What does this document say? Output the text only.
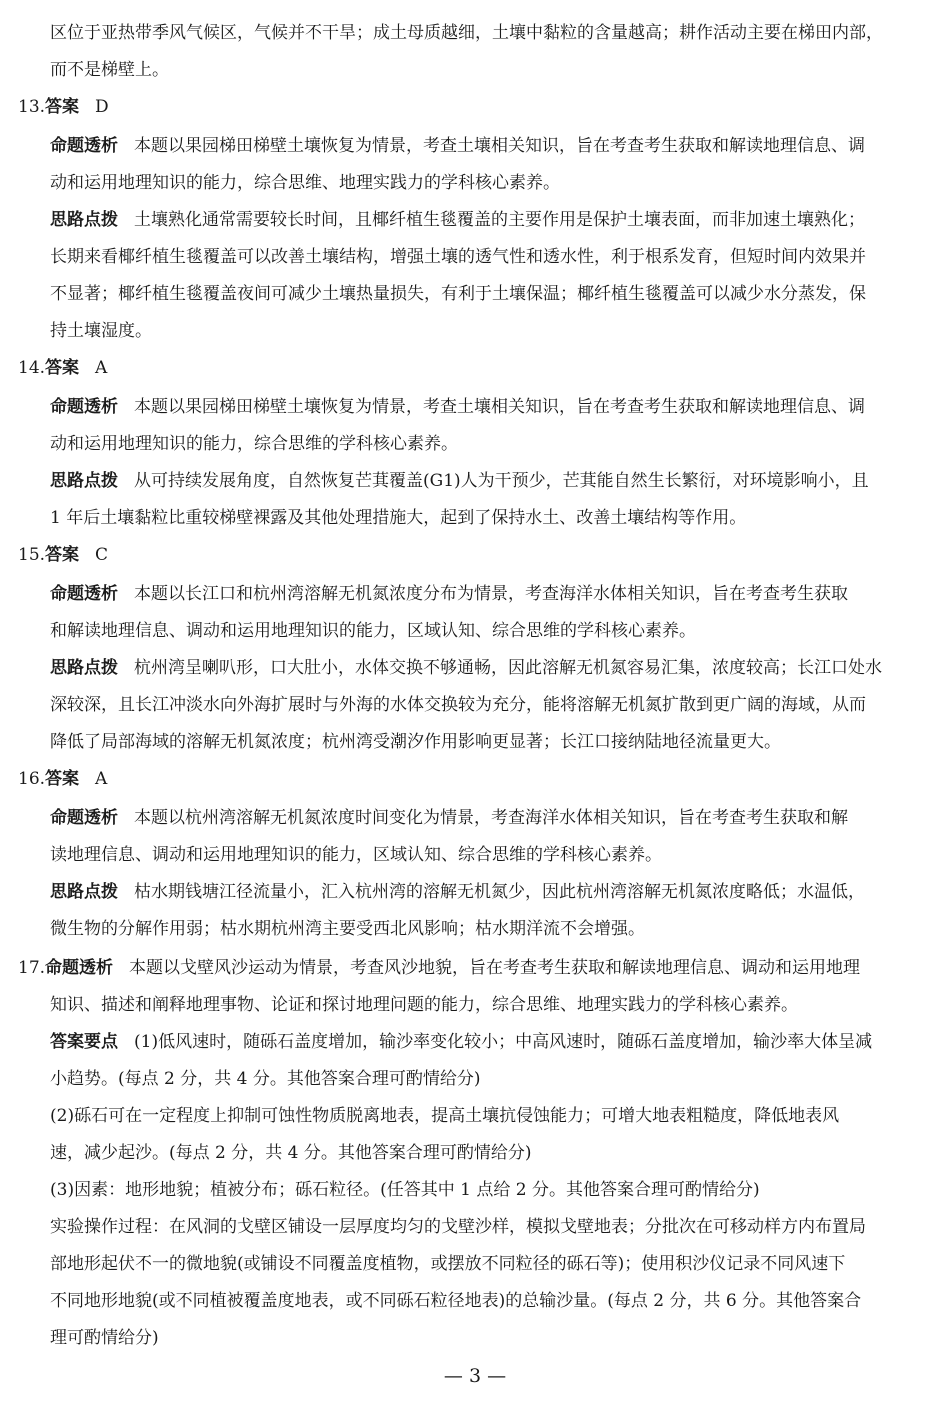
区位于亚热带季风气候区，气候并不干旱；成土母质越细，土壤中黏粒的含量越高；耕作活动主要在梯田内部，
而不是梯壁上。
13.答案 D
命题透析 本题以果园梯田梯壁土壤恢复为情景，考查土壤相关知识，旨在考查考生获取和解读地理信息、调
动和运用地理知识的能力，综合思维、地理实践力的学科核心素养。
思路点拨 土壤熟化通常需要较长时间，且椰纤植生毯覆盖的主要作用是保护土壤表面，而非加速土壤熟化；
长期来看椰纤植生毯覆盖可以改善土壤结构，增强土壤的透气性和透水性，利于根系发育，但短时间内效果并
不显著；椰纤植生毯覆盖夜间可减少土壤热量损失，有利于土壤保温；椰纤植生毯覆盖可以减少水分蒸发，保
持土壤湿度。
14.答案 A
命题透析 本题以果园梯田梯壁土壤恢复为情景，考查土壤相关知识，旨在考查考生获取和解读地理信息、调
动和运用地理知识的能力，综合思维的学科核心素养。
思路点拨 从可持续发展角度，自然恢复芒萁覆盖(G1)人为干预少，芒萁能自然生长繁衍，对环境影响小，且
1 年后土壤黏粒比重较梯壁裸露及其他处理措施大，起到了保持水土、改善土壤结构等作用。
15.答案 C
命题透析 本题以长江口和杭州湾溶解无机氮浓度分布为情景，考查海洋水体相关知识，旨在考查考生获取
和解读地理信息、调动和运用地理知识的能力，区域认知、综合思维的学科核心素养。
思路点拨 杭州湾呈喇叭形，口大肚小，水体交换不够通畅，因此溶解无机氮容易汇集，浓度较高；长江口处水
深较深，且长江冲淡水向外海扩展时与外海的水体交换较为充分，能将溶解无机氮扩散到更广阔的海域，从而
降低了局部海域的溶解无机氮浓度；杭州湾受潮汐作用影响更显著；长江口接纳陆地径流量更大。
16.答案 A
命题透析 本题以杭州湾溶解无机氮浓度时间变化为情景，考查海洋水体相关知识，旨在考查考生获取和解
读地理信息、调动和运用地理知识的能力，区域认知、综合思维的学科核心素养。
思路点拨 枯水期钱塘江径流量小，汇入杭州湾的溶解无机氮少，因此杭州湾溶解无机氮浓度略低；水温低，
微生物的分解作用弱；枯水期杭州湾主要受西北风影响；枯水期洋流不会增强。
17.命题透析 本题以戈壁风沙运动为情景，考查风沙地貌，旨在考查考生获取和解读地理信息、调动和运用地理
知识、描述和阐释地理事物、论证和探讨地理问题的能力，综合思维、地理实践力的学科核心素养。
答案要点 (1)低风速时，随砾石盖度增加，输沙率变化较小；中高风速时，随砾石盖度增加，输沙率大体呈减
小趋势。(每点 2 分，共 4 分。其他答案合理可酌情给分)
(2)砾石可在一定程度上抑制可蚀性物质脱离地表，提高土壤抗侵蚀能力；可增大地表粗糙度，降低地表风
速，减少起沙。(每点 2 分，共 4 分。其他答案合理可酌情给分)
(3)因素：地形地貌；植被分布；砾石粒径。(任答其中 1 点给 2 分。其他答案合理可酌情给分)
实验操作过程：在风洞的戈壁区铺设一层厚度均匀的戈壁沙样，模拟戈壁地表；分批次在可移动样方内布置局
部地形起伏不一的微地貌(或铺设不同覆盖度植物，或摆放不同粒径的砾石等)；使用积沙仪记录不同风速下
不同地形地貌(或不同植被覆盖度地表，或不同砾石粒径地表)的总输沙量。(每点 2 分，共 6 分。其他答案合
理可酌情给分)
— 3 —
